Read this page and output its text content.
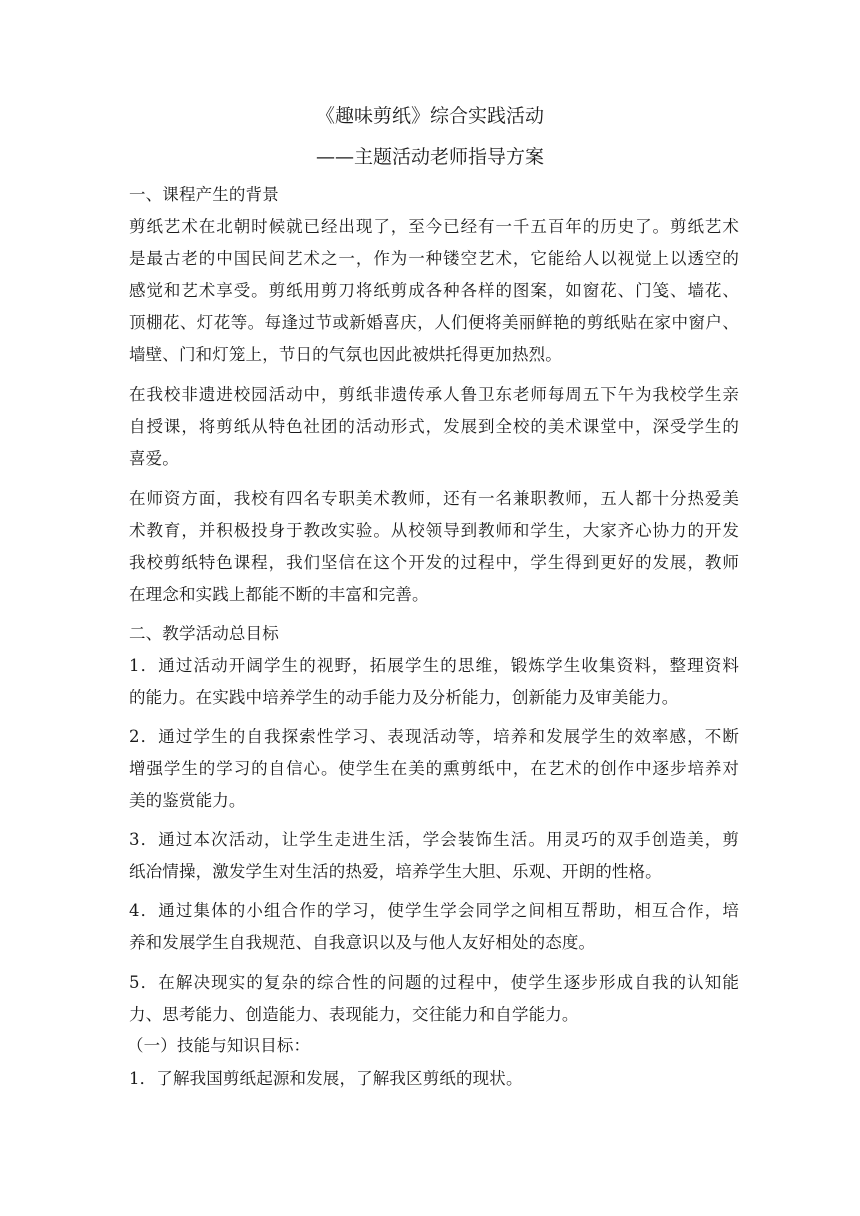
《趣味剪纸》综合实践活动
——主题活动老师指导方案
一、课程产生的背景
剪纸艺术在北朝时候就已经出现了，至今已经有一千五百年的历史了。剪纸艺术
是最古老的中国民间艺术之一，作为一种镂空艺术，它能给人以视觉上以透空的
感觉和艺术享受。剪纸用剪刀将纸剪成各种各样的图案，如窗花、门笺、墙花、
顶棚花、灯花等。每逢过节或新婚喜庆，人们便将美丽鲜艳的剪纸贴在家中窗户、
墙壁、门和灯笼上，节日的气氛也因此被烘托得更加热烈。
在我校非遗进校园活动中，剪纸非遗传承人鲁卫东老师每周五下午为我校学生亲
自授课，将剪纸从特色社团的活动形式，发展到全校的美术课堂中，深受学生的
喜爱。
在师资方面，我校有四名专职美术教师，还有一名兼职教师，五人都十分热爱美
术教育，并积极投身于教改实验。从校领导到教师和学生，大家齐心协力的开发
我校剪纸特色课程，我们坚信在这个开发的过程中，学生得到更好的发展，教师
在理念和实践上都能不断的丰富和完善。
二、教学活动总目标
1．通过活动开阔学生的视野，拓展学生的思维，锻炼学生收集资料，整理资料
的能力。在实践中培养学生的动手能力及分析能力，创新能力及审美能力。
2．通过学生的自我探索性学习、表现活动等，培养和发展学生的效率感，不断
增强学生的学习的自信心。使学生在美的熏剪纸中，在艺术的创作中逐步培养对
美的鉴赏能力。
3．通过本次活动，让学生走进生活，学会装饰生活。用灵巧的双手创造美，剪
纸冶情操，激发学生对生活的热爱，培养学生大胆、乐观、开朗的性格。
4．通过集体的小组合作的学习，使学生学会同学之间相互帮助，相互合作，培
养和发展学生自我规范、自我意识以及与他人友好相处的态度。
5．在解决现实的复杂的综合性的问题的过程中，使学生逐步形成自我的认知能
力、思考能力、创造能力、表现能力，交往能力和自学能力。
（一）技能与知识目标：
1．了解我国剪纸起源和发展，了解我区剪纸的现状。
